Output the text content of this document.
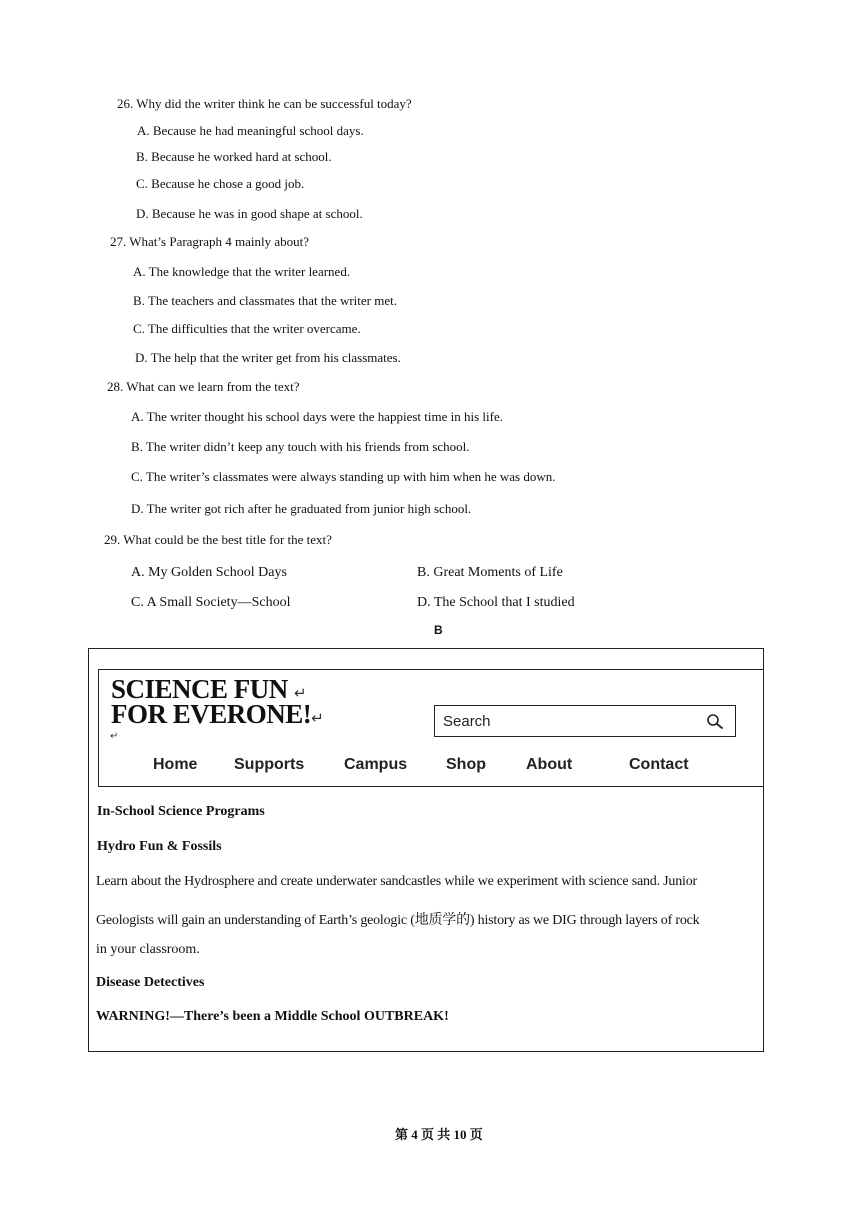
26. Why did the writer think he can be successful today?
A. Because he had meaningful school days.
B. Because he worked hard at school.
C. Because he chose a good job.
D. Because he was in good shape at school.
27. What’s Paragraph 4 mainly about?
A. The knowledge that the writer learned.
B. The teachers and classmates that the writer met.
C. The difficulties that the writer overcame.
D. The help that the writer get from his classmates.
28. What can we learn from the text?
A. The writer thought his school days were the happiest time in his life.
B. The writer didn’t keep any touch with his friends from school.
C. The writer’s classmates were always standing up with him when he was down.
D. The writer got rich after he graduated from junior high school.
29. What could be the best title for the text?
A. My Golden School Days	B. Great Moments of Life
C. A Small Society—School	D. The School that I studied
B
SCIENCE FUN ↵
FOR EVERONE!↵
↵
Search
Home Supports Campus Shop	About	Contact
In-School Science Programs
Hydro Fun & Fossils
Learn about the Hydrosphere and create underwater sandcastles while we experiment with science sand. Junior
Geologists will gain an understanding of Earth’s geologic (地质学的) history as we DIG through layers of rock
in your classroom.
Disease Detectives
WARNING!—There’s been a Middle School OUTBREAK!
第 4 页 共 10 页
